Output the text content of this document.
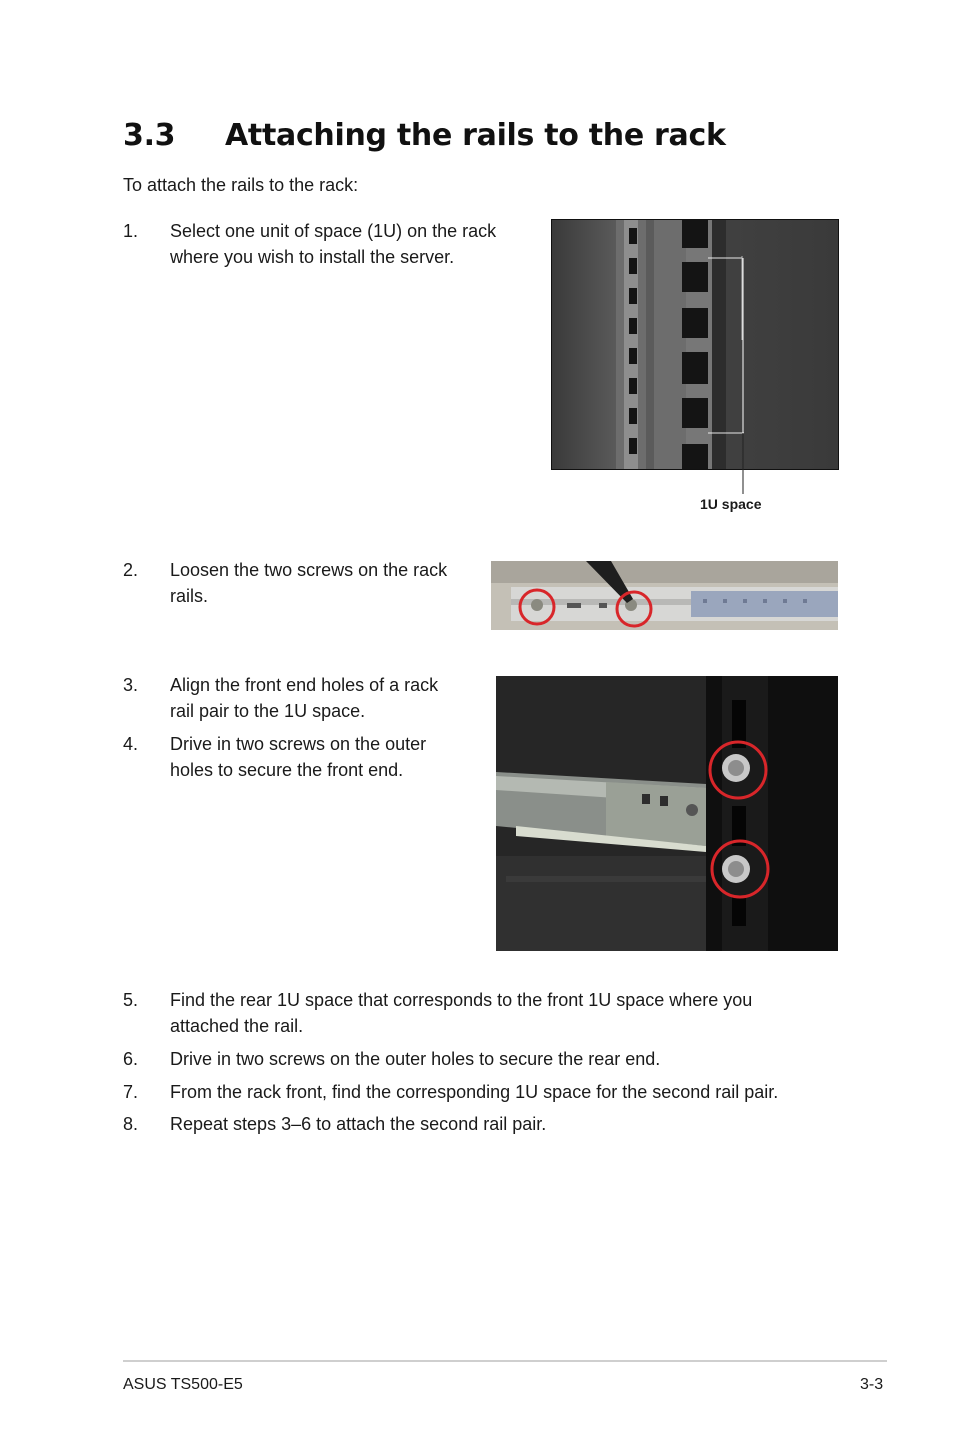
3.3 Attaching the rails to the rack
To attach the rails to the rack:
1. Select one unit of space (1U) on the rack
where you wish to install the server.
1U space
2. Loosen the two screws on the rack
rails.
3. Align the front end holes of a rack
rail pair to the 1U space.
4. Drive in two screws on the outer
holes to secure the front end.
5. Find the rear 1U space that corresponds to the front 1U space where you
attached the rail.
6. Drive in two screws on the outer holes to secure the rear end.
7. From the rack front, find the corresponding 1U space for the second rail pair.
8. Repeat steps 3–6 to attach the second rail pair.
ASUS TS500-E5	3-3
